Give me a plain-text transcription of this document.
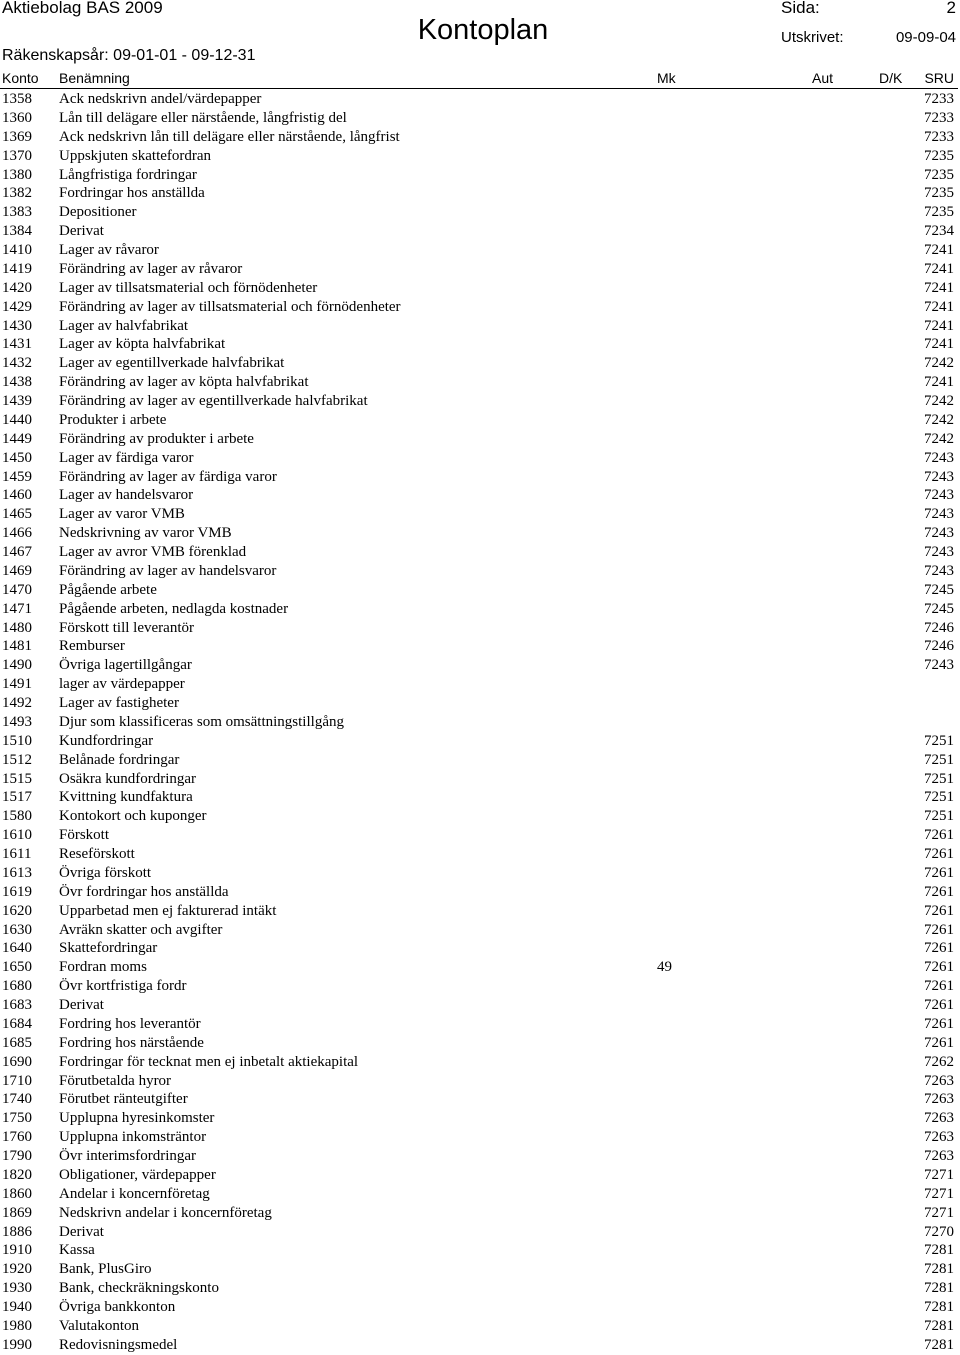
Aktiebolag BAS 2009	Sida:	2
Kontoplan	Utskrivet:	09-09-04
Räkenskapsår: 09-01-01 - 09-12-31
Konto Benämning	Mk	Aut	D/K SRU
1358 Ack nedskrivn andel/värdepapper	7233
1360 Lån till delägare eller närstående, långfristig del	7233
1369 Ack nedskrivn lån till delägare eller närstående, långfrist	7233
1370 Uppskjuten skattefordran	7235
1380 Långfristiga fordringar	7235
1382 Fordringar hos anställda	7235
1383 Depositioner	7235
1384 Derivat	7234
1410 Lager av råvaror	7241
1419 Förändring av lager av råvaror	7241
1420 Lager av tillsatsmaterial och förnödenheter	7241
1429 Förändring av lager av tillsatsmaterial och förnödenheter	7241
1430 Lager av halvfabrikat	7241
1431 Lager av köpta halvfabrikat	7241
1432 Lager av egentillverkade halvfabrikat	7242
1438 Förändring av lager av köpta halvfabrikat	7241
1439 Förändring av lager av egentillverkade halvfabrikat	7242
1440 Produkter i arbete	7242
1449 Förändring av produkter i arbete	7242
1450 Lager av färdiga varor	7243
1459 Förändring av lager av färdiga varor	7243
1460 Lager av handelsvaror	7243
1465 Lager av varor VMB	7243
1466 Nedskrivning av varor VMB	7243
1467 Lager av avror VMB förenklad	7243
1469 Förändring av lager av handelsvaror	7243
1470 Pågående arbete	7245
1471 Pågående arbeten, nedlagda kostnader	7245
1480 Förskott till leverantör	7246
1481 Remburser	7246
1490 Övriga lagertillgångar	7243
1491 lager av värdepapper
1492 Lager av fastigheter
1493 Djur som klassificeras som omsättningstillgång
1510 Kundfordringar	7251
1512 Belånade fordringar	7251
1515 Osäkra kundfordringar	7251
1517 Kvittning kundfaktura	7251
1580 Kontokort och kuponger	7251
1610 Förskott	7261
1611 Reseförskott	7261
1613 Övriga förskott	7261
1619 Övr fordringar hos anställda	7261
1620 Upparbetad men ej fakturerad intäkt	7261
1630 Avräkn skatter och avgifter	7261
1640 Skattefordringar	7261
1650 Fordran moms	49	7261
1680 Övr kortfristiga fordr	7261
1683 Derivat	7261
1684 Fordring hos leverantör	7261
1685 Fordring hos närstående	7261
1690 Fordringar för tecknat men ej inbetalt aktiekapital	7262
1710 Förutbetalda hyror	7263
1740 Förutbet ränteutgifter	7263
1750 Upplupna hyresinkomster	7263
1760 Upplupna inkomsträntor	7263
1790 Övr interimsfordringar	7263
1820 Obligationer, värdepapper	7271
1860 Andelar i koncernföretag	7271
1869 Nedskrivn andelar i koncernföretag	7271
1886 Derivat	7270
1910 Kassa	7281
1920 Bank, PlusGiro	7281
1930 Bank, checkräkningskonto	7281
1940 Övriga bankkonton	7281
1980 Valutakonton	7281
1990 Redovisningsmedel	7281
